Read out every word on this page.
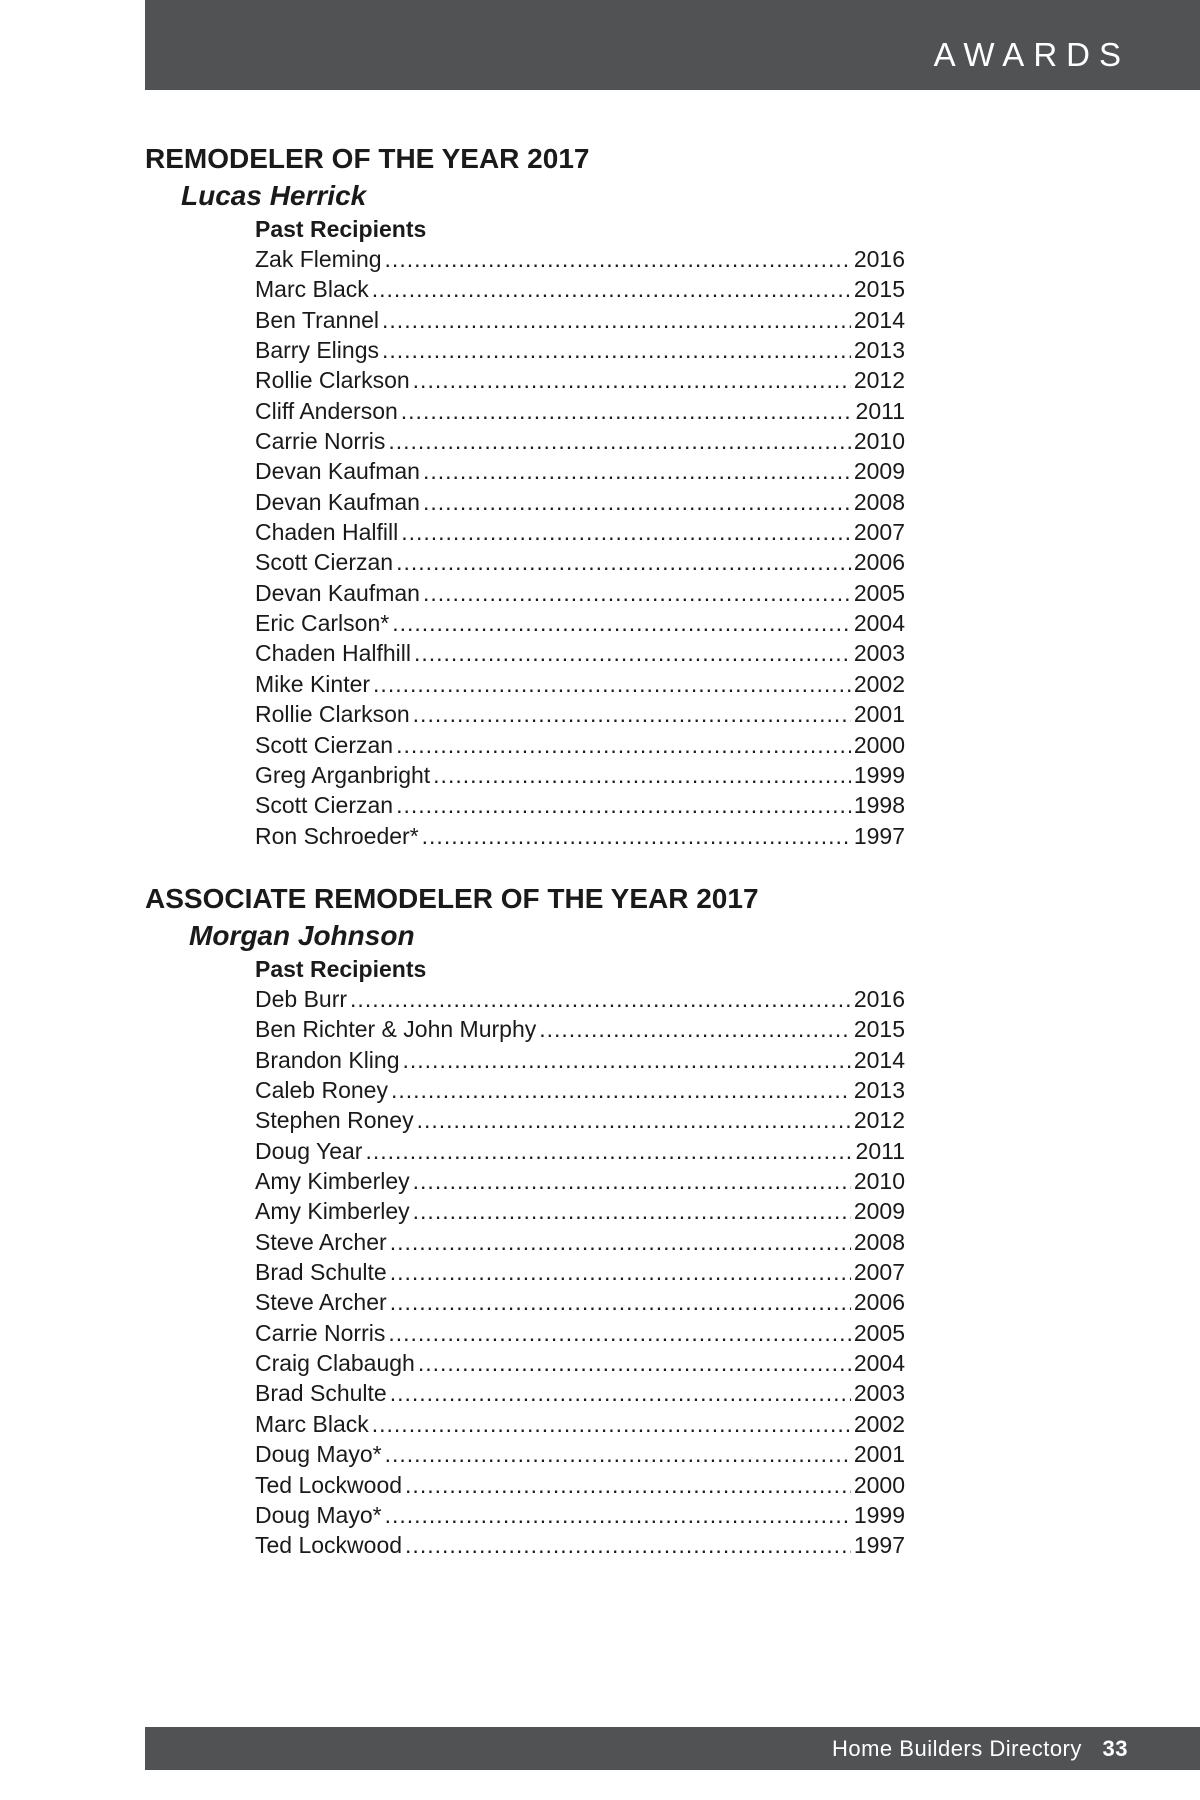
AWARDS
REMODELER OF THE YEAR 2017
Lucas Herrick
Past Recipients
Zak Fleming .....	2016
Marc Black .....	2015
Ben Trannel .....	2014
Barry Elings .....	2013
Rollie Clarkson .....	2012
Cliff Anderson .....	2011
Carrie Norris .....	2010
Devan Kaufman .....	2009
Devan Kaufman .....	2008
Chaden Halfill .....	2007
Scott Cierzan .....	2006
Devan Kaufman .....	2005
Eric Carlson* .....	2004
Chaden Halfhill .....	2003
Mike Kinter .....	2002
Rollie Clarkson .....	2001
Scott Cierzan .....	2000
Greg Arganbright .....	1999
Scott Cierzan .....	1998
Ron Schroeder* .....	1997
ASSOCIATE REMODELER OF THE YEAR 2017
Morgan Johnson
Past Recipients
Deb Burr .....	2016
Ben Richter & John Murphy .....	2015
Brandon Kling .....	2014
Caleb Roney .....	2013
Stephen Roney .....	2012
Doug Year .....	2011
Amy Kimberley .....	2010
Amy Kimberley .....	2009
Steve Archer .....	2008
Brad Schulte .....	2007
Steve Archer .....	2006
Carrie Norris .....	2005
Craig Clabaugh .....	2004
Brad Schulte .....	2003
Marc Black .....	2002
Doug Mayo* .....	2001
Ted Lockwood .....	2000
Doug Mayo* .....	1999
Ted Lockwood .....	1997
Home Builders Directory 33
